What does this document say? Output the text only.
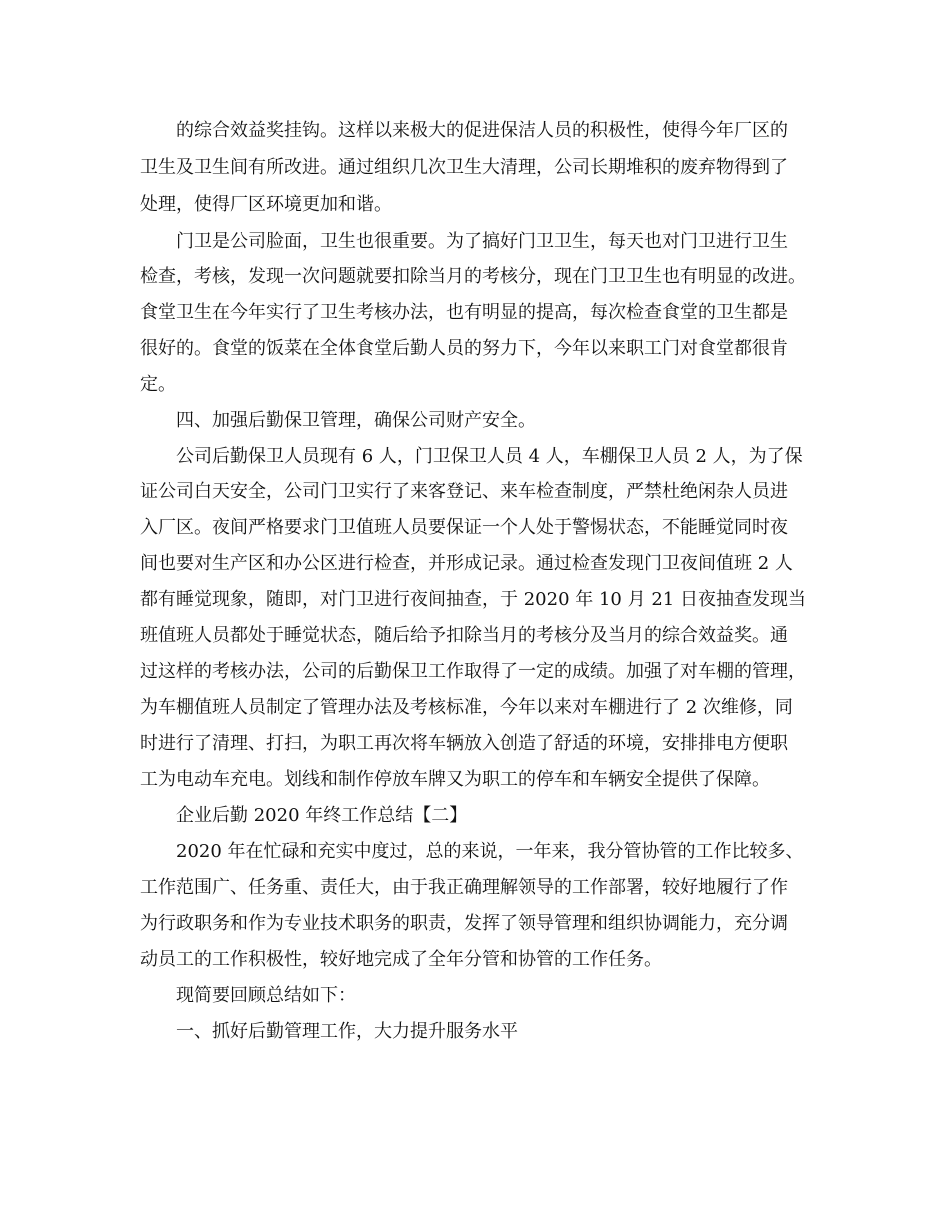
的综合效益奖挂钩。这样以来极大的促进保洁人员的积极性，使得今年厂区的
卫生及卫生间有所改进。通过组织几次卫生大清理，公司长期堆积的废弃物得到了
处理，使得厂区环境更加和谐。
门卫是公司脸面，卫生也很重要。为了搞好门卫卫生，每天也对门卫进行卫生
检查，考核，发现一次问题就要扣除当月的考核分，现在门卫卫生也有明显的改进。
食堂卫生在今年实行了卫生考核办法，也有明显的提高，每次检查食堂的卫生都是
很好的。食堂的饭菜在全体食堂后勤人员的努力下，今年以来职工门对食堂都很肯
定。
四、加强后勤保卫管理，确保公司财产安全。
公司后勤保卫人员现有 6 人，门卫保卫人员 4 人，车棚保卫人员 2 人，为了保
证公司白天安全，公司门卫实行了来客登记、来车检查制度，严禁杜绝闲杂人员进
入厂区。夜间严格要求门卫值班人员要保证一个人处于警惕状态，不能睡觉同时夜
间也要对生产区和办公区进行检查，并形成记录。通过检查发现门卫夜间值班 2 人
都有睡觉现象，随即，对门卫进行夜间抽查，于 2020 年 10 月 21 日夜抽查发现当
班值班人员都处于睡觉状态，随后给予扣除当月的考核分及当月的综合效益奖。通
过这样的考核办法，公司的后勤保卫工作取得了一定的成绩。加强了对车棚的管理，
为车棚值班人员制定了管理办法及考核标准，今年以来对车棚进行了 2 次维修，同
时进行了清理、打扫，为职工再次将车辆放入创造了舒适的环境，安排排电方便职
工为电动车充电。划线和制作停放车牌又为职工的停车和车辆安全提供了保障。
企业后勤 2020 年终工作总结【二】
2020 年在忙碌和充实中度过，总的来说，一年来，我分管协管的工作比较多、
工作范围广、任务重、责任大，由于我正确理解领导的工作部署，较好地履行了作
为行政职务和作为专业技术职务的职责，发挥了领导管理和组织协调能力，充分调
动员工的工作积极性，较好地完成了全年分管和协管的工作任务。
现简要回顾总结如下：
一、抓好后勤管理工作，大力提升服务水平
